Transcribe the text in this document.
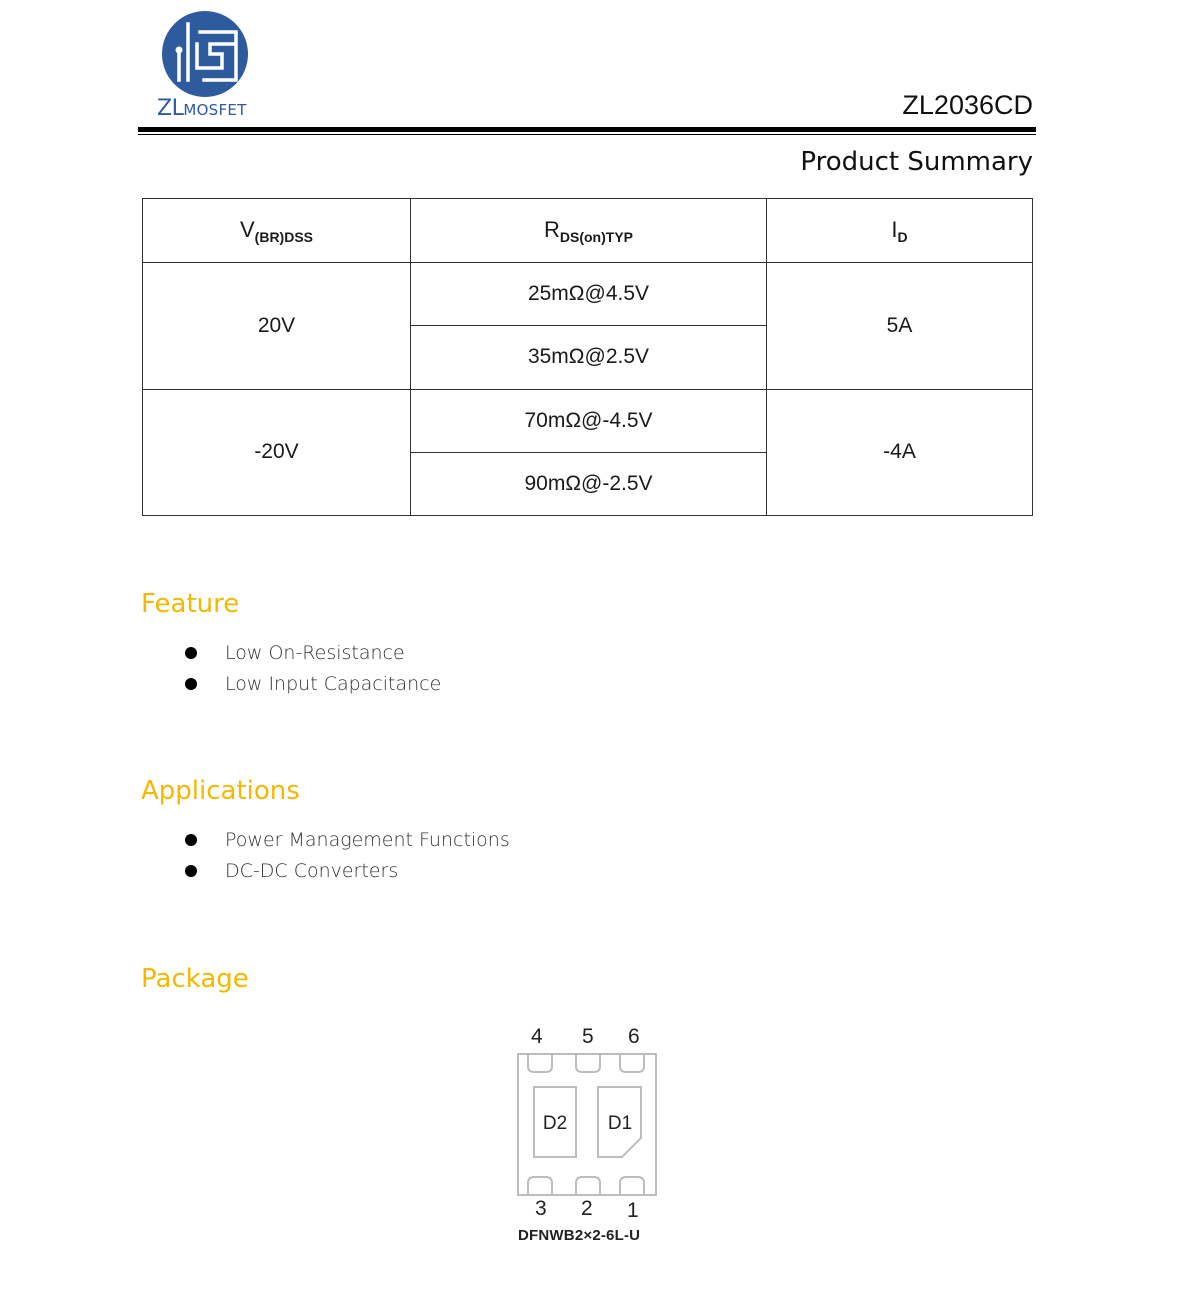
ZLMOSFET	ZL2036CD
Product Summary
$V_{(BR)DSS}$	$R_{DS(on)TYP}$	$I_D$
20V	25mΩ@4.5V	5A
	35mΩ@2.5V	
-20V	70mΩ@-4.5V	-4A
	90mΩ@-2.5V	
Feature
Low On-Resistance
Low Input Capacitance
Applications
Power Management Functions
DC-DC Converters
Package
4 5 6
D2 D1
3 2 1
DFNWB2×2-6L-U
